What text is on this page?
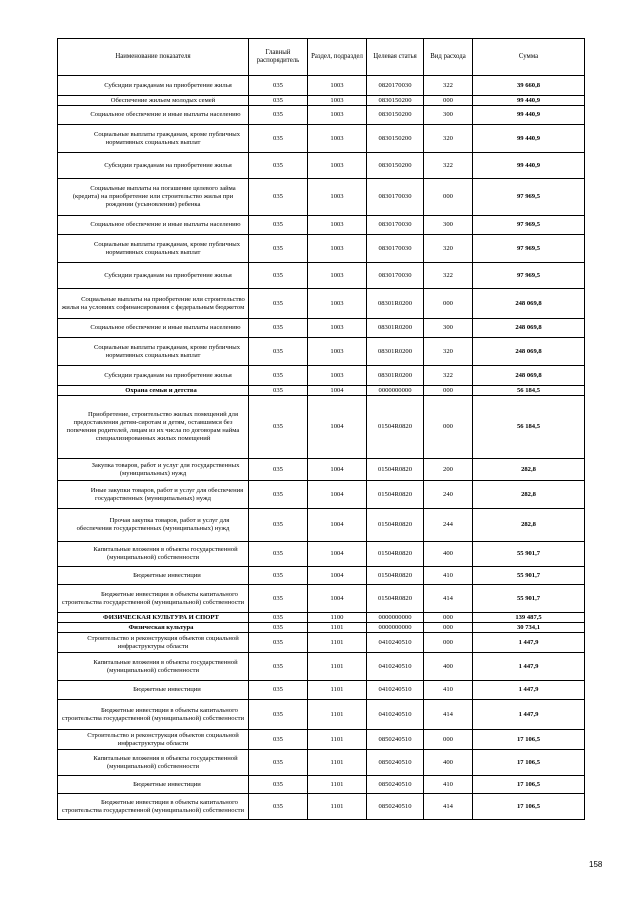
Наименование показателя	Главный распорядитель	Раздел, подраздел	Целевая статья	Вид расхода	Сумма

Субсидии гражданам на приобретение жилья	035	1003	0820170030	322	39 660,8

Обеспечение жильем молодых семей	035	1003	0830150200	000	99 440,9

Социальное обеспечение и иные выплаты населению	035	1003	0830150200	300	99 440,9

Социальные выплаты гражданам, кроме публичных нормативных социальных выплат	035	1003	0830150200	320	99 440,9

Субсидии гражданам на приобретение жилья	035	1003	0830150200	322	99 440,9

Социальные выплаты на погашение целевого займа (кредита) на приобретение или строительство жилья при рождении (усыновлении) ребенка	035	1003	0830170030	000	97 969,5

Социальное обеспечение и иные выплаты населению	035	1003	0830170030	300	97 969,5

Социальные выплаты гражданам, кроме публичных нормативных социальных выплат	035	1003	0830170030	320	97 969,5

Субсидии гражданам на приобретение жилья	035	1003	0830170030	322	97 969,5

Социальные выплаты на приобретение или строительство жилья на условиях софинансирования с федеральным бюджетом	035	1003	08301R0200	000	248 069,8

Социальное обеспечение и иные выплаты населению	035	1003	08301R0200	300	248 069,8

Социальные выплаты гражданам, кроме публичных нормативных социальных выплат	035	1003	08301R0200	320	248 069,8

Субсидии гражданам на приобретение жилья	035	1003	08301R0200	322	248 069,8

Охрана семьи и детства	035	1004	0000000000	000	56 184,5

Приобретение, строительство жилых помещений для предоставления детям-сиротам и детям, оставшимся без попечения родителей, лицам из их числа по договорам найма специализированных жилых помещений	035	1004	01504R0820	000	56 184,5

Закупка товаров, работ и услуг для государственных (муниципальных) нужд	035	1004	01504R0820	200	282,8

Иные закупки товаров, работ и услуг для обеспечения государственных (муниципальных) нужд	035	1004	01504R0820	240	282,8

Прочая закупка товаров, работ и услуг для обеспечения государственных (муниципальных) нужд	035	1004	01504R0820	244	282,8

Капитальные вложения в объекты государственной (муниципальной) собственности	035	1004	01504R0820	400	55 901,7

Бюджетные инвестиции	035	1004	01504R0820	410	55 901,7

Бюджетные инвестиции в объекты капитального строительства государственной (муниципальной) собственности	035	1004	01504R0820	414	55 901,7

ФИЗИЧЕСКАЯ КУЛЬТУРА И СПОРТ	035	1100	0000000000	000	139 487,5

Физическая культура	035	1101	0000000000	000	30 734,1

Строительство и реконструкция объектов социальной инфраструктуры области	035	1101	0410240510	000	1 447,9

Капитальные вложения в объекты государственной (муниципальной) собственности	035	1101	0410240510	400	1 447,9

Бюджетные инвестиции	035	1101	0410240510	410	1 447,9

Бюджетные инвестиции в объекты капитального строительства государственной (муниципальной) собственности	035	1101	0410240510	414	1 447,9

Строительство и реконструкция объектов социальной инфраструктуры области	035	1101	0850240510	000	17 106,5

Капитальные вложения в объекты государственной (муниципальной) собственности	035	1101	0850240510	400	17 106,5

Бюджетные инвестиции	035	1101	0850240510	410	17 106,5

Бюджетные инвестиции в объекты капитального строительства государственной (муниципальной) собственности	035	1101	0850240510	414	17 106,5
158
